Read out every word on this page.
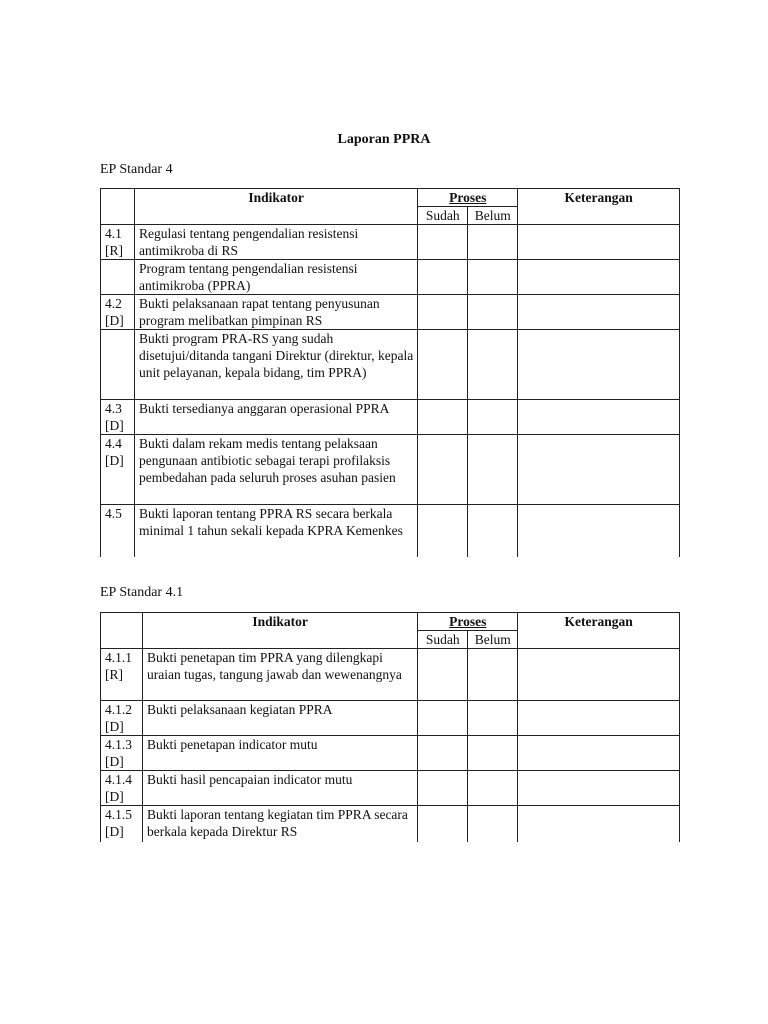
Laporan PPRA
EP Standar 4
	Indikator	Proses		Keterangan
		Sudah	Belum	
4.1 [R]	Regulasi tentang pengendalian resistensi antimikroba di RS			
	Program tentang pengendalian resistensi antimikroba (PPRA)			
4.2 [D]	Bukti pelaksanaan rapat tentang penyusunan program melibatkan pimpinan RS			
	Bukti program PRA-RS yang sudah disetujui/ditanda tangani Direktur (direktur, kepala unit pelayanan, kepala bidang, tim PPRA)			
4.3 [D]	Bukti tersedianya anggaran operasional PPRA			
4.4 [D]	Bukti dalam rekam medis tentang pelaksaan pengunaan antibiotic sebagai terapi profilaksis pembedahan pada seluruh proses asuhan pasien			
4.5	Bukti laporan tentang PPRA RS secara berkala minimal 1 tahun sekali kepada KPRA Kemenkes			
EP Standar 4.1
	Indikator	Proses		Keterangan
		Sudah	Belum	
4.1.1 [R]	Bukti penetapan tim PPRA yang dilengkapi uraian tugas, tangung jawab dan wewenangnya			
4.1.2 [D]	Bukti pelaksanaan kegiatan PPRA			
4.1.3 [D]	Bukti penetapan indicator mutu			
4.1.4 [D]	Bukti hasil pencapaian indicator mutu			
4.1.5 [D]	Bukti laporan tentang kegiatan tim PPRA secara berkala kepada Direktur RS			
